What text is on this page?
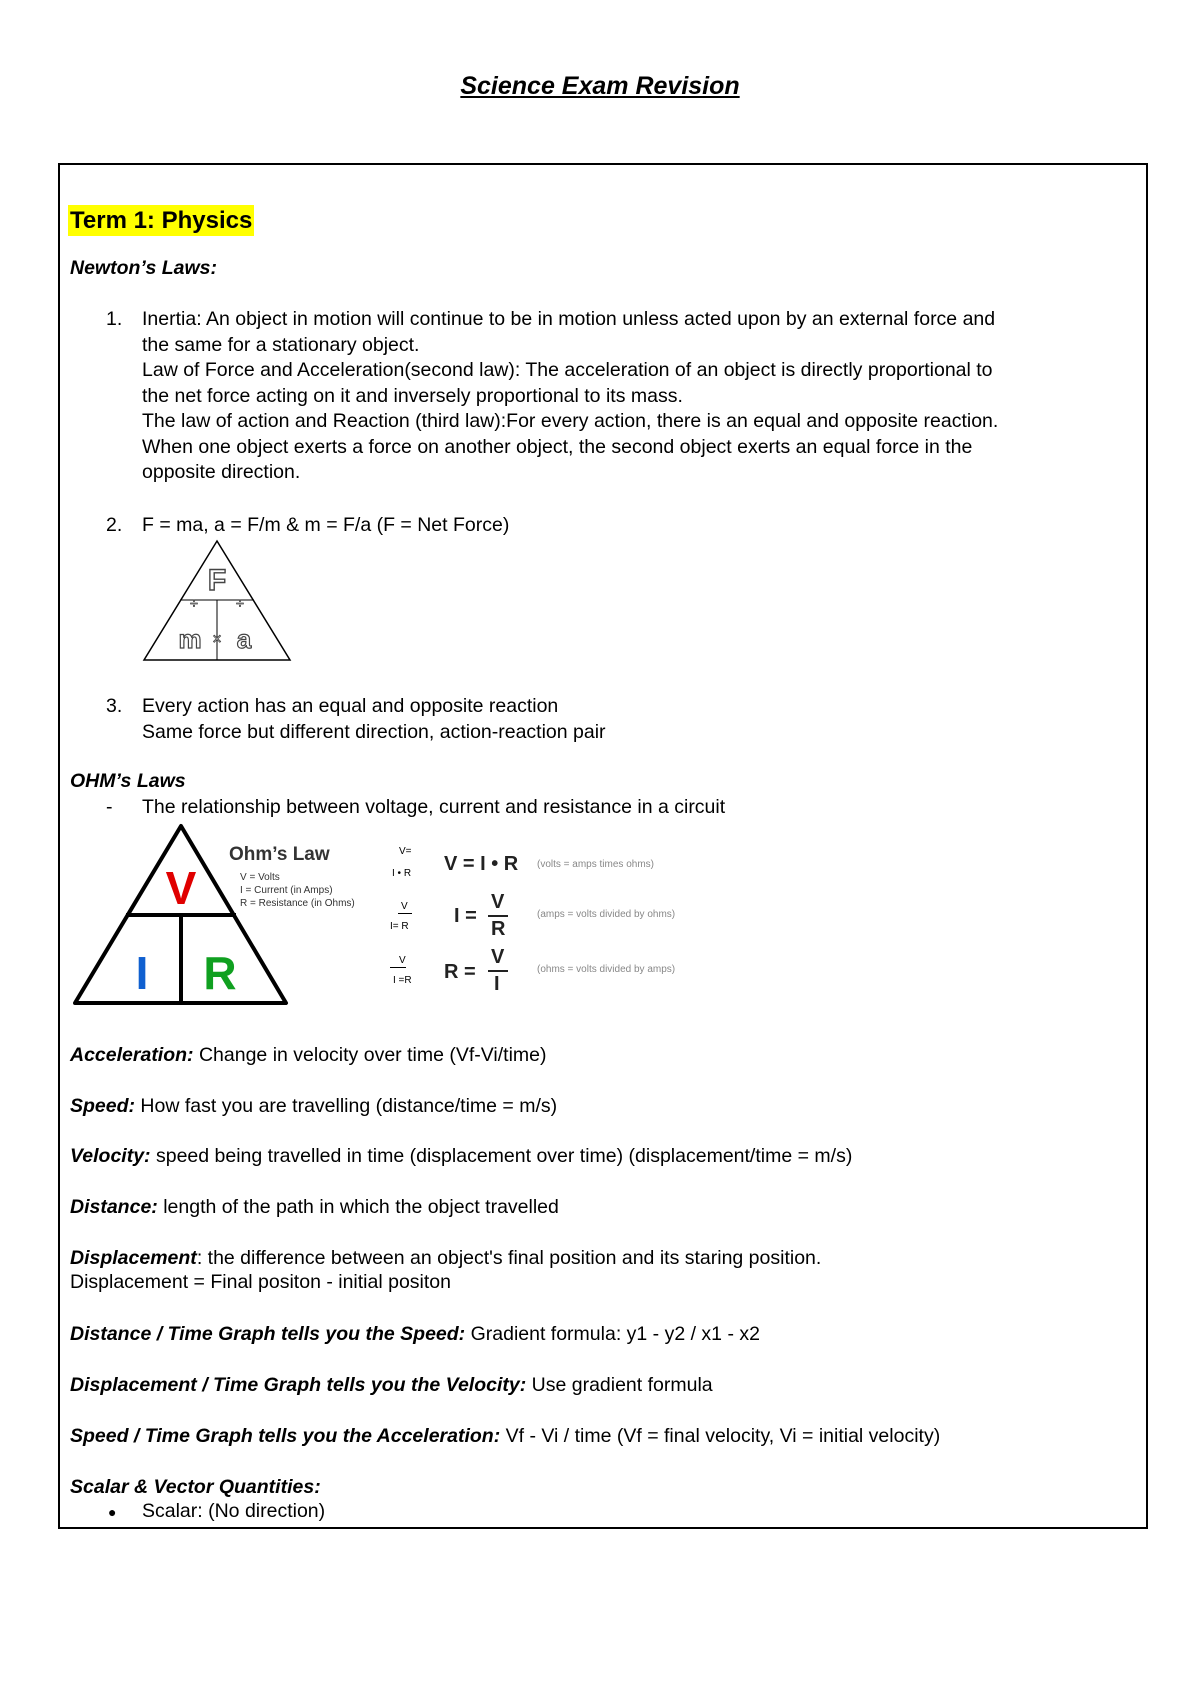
Science Exam Revision
Term 1: Physics
Newton’s Laws:
1. Inertia: An object in motion will continue to be in motion unless acted upon by an external force and
the same for a stationary object.
Law of Force and Acceleration(second law): The acceleration of an object is directly proportional to
the net force acting on it and inversely proportional to its mass.
The law of action and Reaction (third law):For every action, there is an equal and opposite reaction.
When one object exerts a force on another object, the second object exerts an equal force in the
opposite direction.
2. F = ma, a = F/m & m = F/a (F = Net Force)
F
÷	÷
m × a
3. Every action has an equal and opposite reaction
Same force but different direction, action-reaction pair
OHM’s Laws
- The relationship between voltage, current and resistance in a circuit
V
I R
Ohm’s Law
V = Volts
I = Current (in Amps)
R = Resistance (in Ohms)
V=
I • R V = I • R (volts = amps times ohms)
V
I= R I =
V
R
(amps = volts divided by ohms)
V
I =R R =
V
I
(ohms = volts divided by amps)
Acceleration: Change in velocity over time (Vf-Vi/time)
Speed: How fast you are travelling (distance/time = m/s)
Velocity: speed being travelled in time (displacement over time) (displacement/time = m/s)
Distance: length of the path in which the object travelled
Displacement: the difference between an object's final position and its staring position.
Displacement = Final positon - initial positon
Distance / Time Graph tells you the Speed: Gradient formula: y1 - y2 / x1 - x2
Displacement / Time Graph tells you the Velocity: Use gradient formula
Speed / Time Graph tells you the Acceleration: Vf - Vi / time (Vf = final velocity, Vi = initial velocity)
Scalar & Vector Quantities:
● Scalar: (No direction)
